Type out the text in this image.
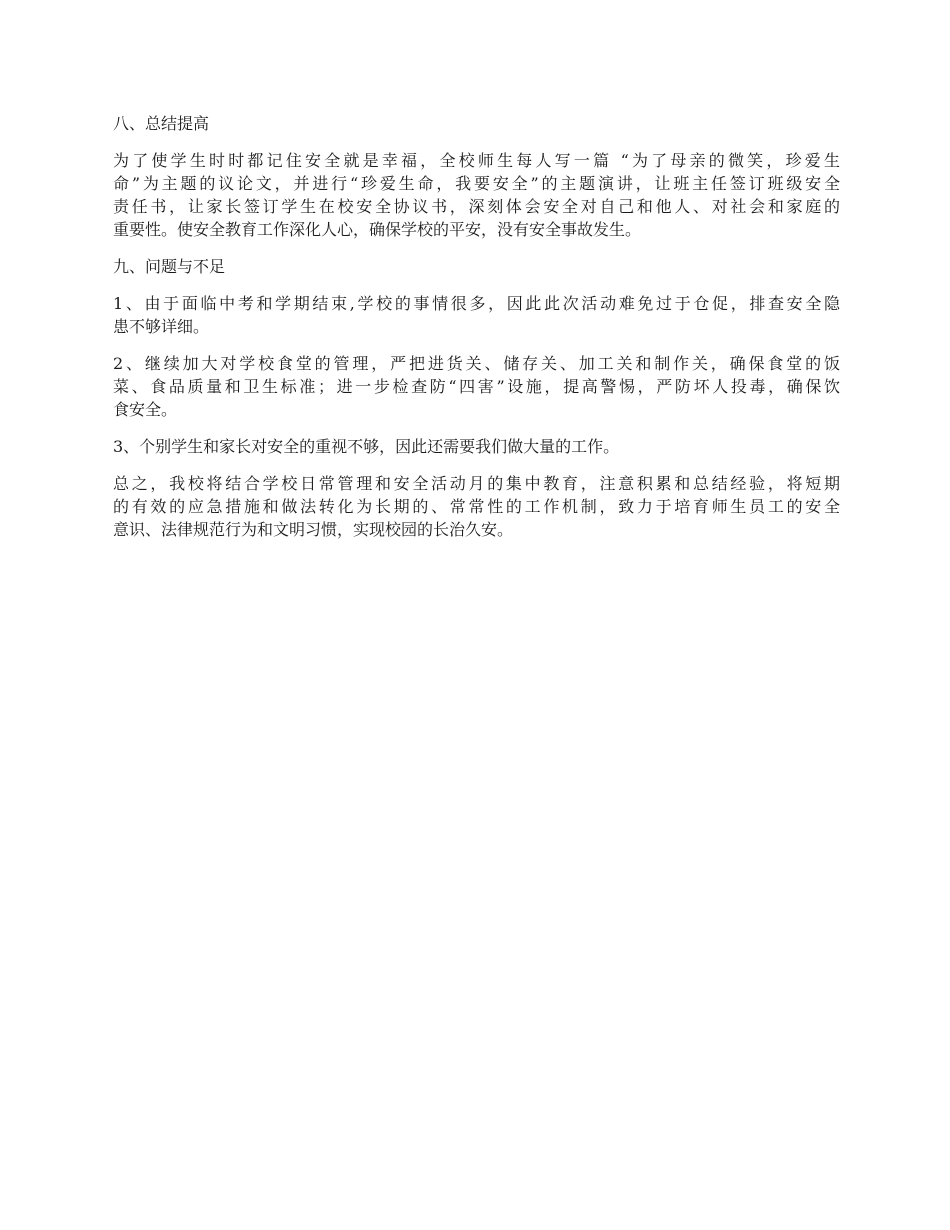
八、总结提高
为了使学生时时都记住安全就是幸福，全校师生每人写一篇 “为了母亲的微笑，珍爱生
命”为主题的议论文，并进行“珍爱生命，我要安全”的主题演讲，让班主任签订班级安全
责任书，让家长签订学生在校安全协议书，深刻体会安全对自己和他人、对社会和家庭的
重要性。使安全教育工作深化人心，确保学校的平安，没有安全事故发生。
九、问题与不足
1、由于面临中考和学期结束,学校的事情很多，因此此次活动难免过于仓促，排查安全隐
患不够详细。
2、继续加大对学校食堂的管理，严把进货关、储存关、加工关和制作关，确保食堂的饭
菜、食品质量和卫生标准；进一步检查防“四害”设施，提高警惕，严防坏人投毒，确保饮
食安全。
3、个别学生和家长对安全的重视不够，因此还需要我们做大量的工作。
总之，我校将结合学校日常管理和安全活动月的集中教育，注意积累和总结经验，将短期
的有效的应急措施和做法转化为长期的、常常性的工作机制，致力于培育师生员工的安全
意识、法律规范行为和文明习惯，实现校园的长治久安。
